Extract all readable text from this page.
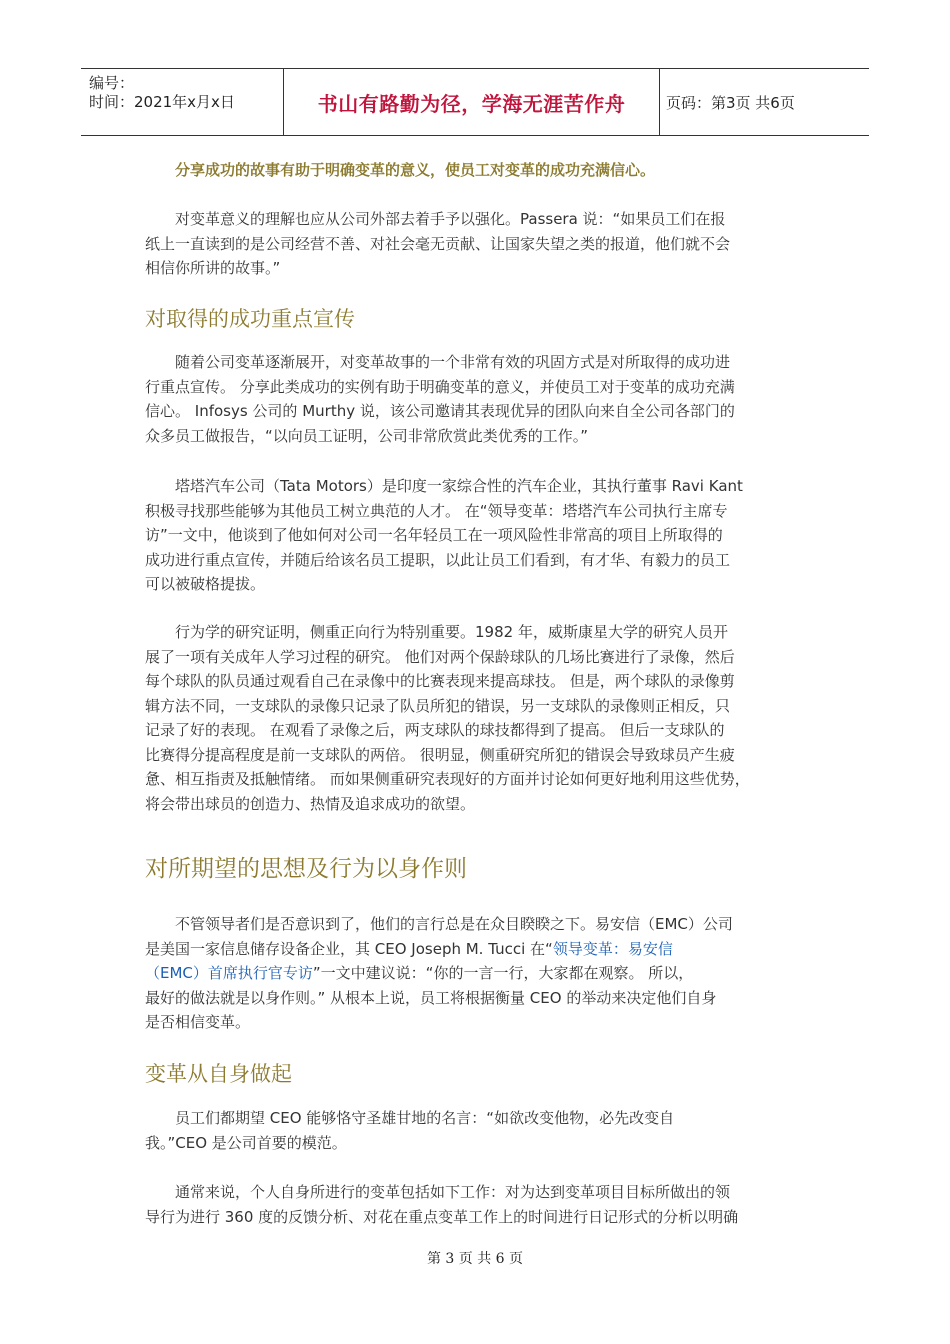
编号：
时间：2021年x月x日	书山有路勤为径，学海无涯苦作舟	页码：第3页 共6页
分享成功的故事有助于明确变革的意义，使员工对变革的成功充满信心。
对变革意义的理解也应从公司外部去着手予以强化。Passera 说：“如果员工们在报
纸上一直读到的是公司经营不善、对社会毫无贡献、让国家失望之类的报道，他们就不会
相信你所讲的故事。”
对取得的成功重点宣传
随着公司变革逐渐展开，对变革故事的一个非常有效的巩固方式是对所取得的成功进
行重点宣传。 分享此类成功的实例有助于明确变革的意义，并使员工对于变革的成功充满
信心。 Infosys 公司的 Murthy 说，该公司邀请其表现优异的团队向来自全公司各部门的
众多员工做报告，“以向员工证明，公司非常欣赏此类优秀的工作。”
塔塔汽车公司（Tata Motors）是印度一家综合性的汽车企业，其执行董事 Ravi Kant
积极寻找那些能够为其他员工树立典范的人才。 在“领导变革：塔塔汽车公司执行主席专
访”一文中，他谈到了他如何对公司一名年轻员工在一项风险性非常高的项目上所取得的
成功进行重点宣传，并随后给该名员工提职，以此让员工们看到，有才华、有毅力的员工
可以被破格提拔。
行为学的研究证明，侧重正向行为特别重要。1982 年，威斯康星大学的研究人员开
展了一项有关成年人学习过程的研究。 他们对两个保龄球队的几场比赛进行了录像，然后
每个球队的队员通过观看自己在录像中的比赛表现来提高球技。 但是，两个球队的录像剪
辑方法不同，一支球队的录像只记录了队员所犯的错误，另一支球队的录像则正相反，只
记录了好的表现。 在观看了录像之后，两支球队的球技都得到了提高。 但后一支球队的
比赛得分提高程度是前一支球队的两倍。 很明显，侧重研究所犯的错误会导致球员产生疲
惫、相互指责及抵触情绪。 而如果侧重研究表现好的方面并讨论如何更好地利用这些优势，
将会带出球员的创造力、热情及追求成功的欲望。
对所期望的思想及行为以身作则
不管领导者们是否意识到了，他们的言行总是在众目睽睽之下。易安信（EMC）公司
是美国一家信息储存设备企业，其 CEO Joseph M. Tucci 在“领导变革：易安信
（EMC）首席执行官专访”一文中建议说：“你的一言一行，大家都在观察。 所以，
最好的做法就是以身作则。” 从根本上说，员工将根据衡量 CEO 的举动来决定他们自身
是否相信变革。
变革从自身做起
员工们都期望 CEO 能够恪守圣雄甘地的名言：“如欲改变他物，必先改变自
我。”CEO 是公司首要的模范。
通常来说，个人自身所进行的变革包括如下工作：对为达到变革项目目标所做出的领
导行为进行 360 度的反馈分析、对花在重点变革工作上的时间进行日记形式的分析以明确
第 3 页 共 6 页
